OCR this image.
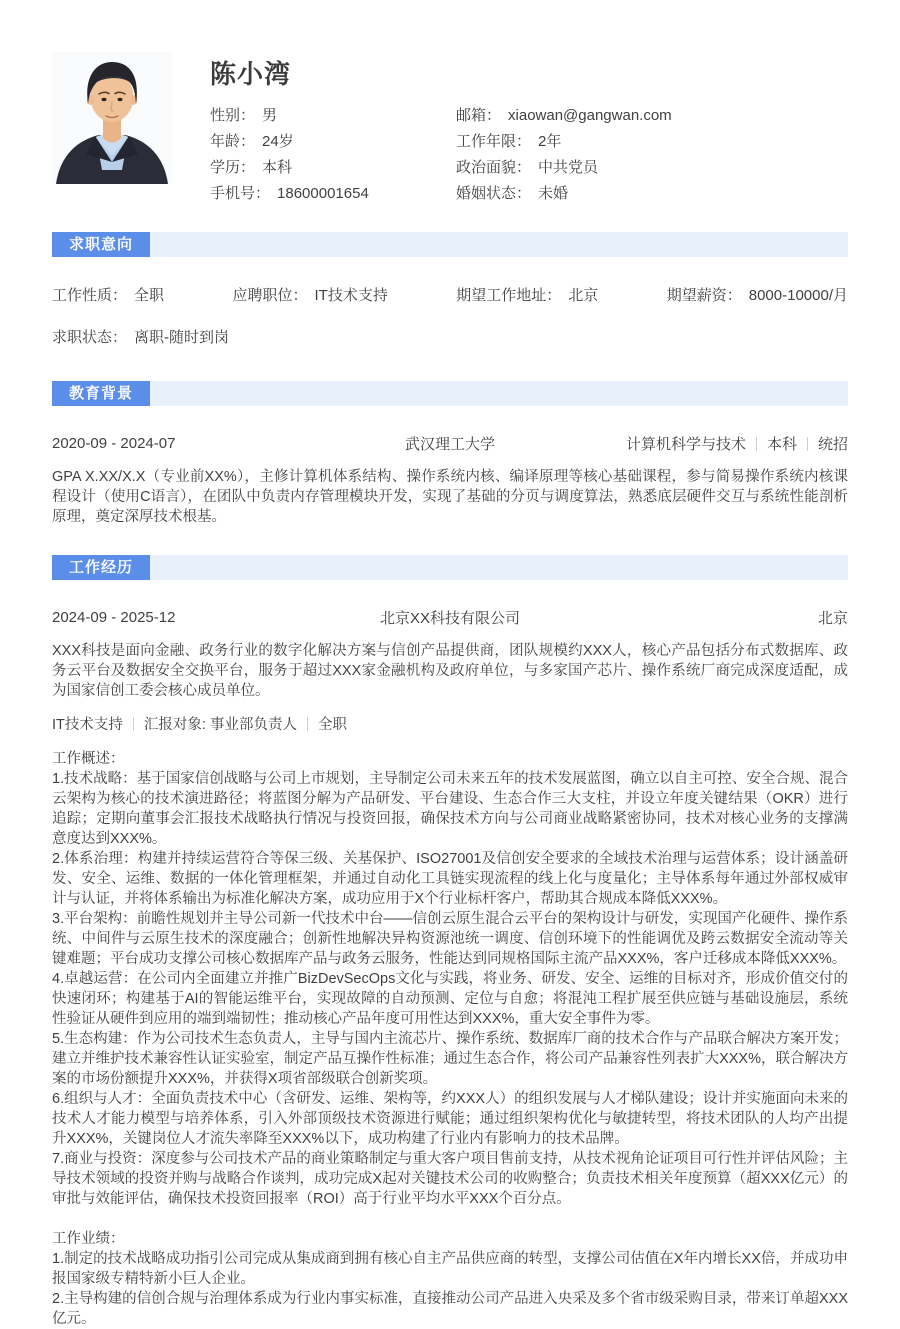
陈小湾
性别： 男	邮箱： xiaowan@gangwan.com
年龄： 24岁	工作年限： 2年
学历： 本科	政治面貌： 中共党员
手机号： 18600001654	婚姻状态： 未婚
求职意向
工作性质： 全职	应聘职位： IT技术支持	期望工作地址： 北京	期望薪资： 8000-10000/月
求职状态： 离职-随时到岗
教育背景
2020-09 - 2024-07	武汉理工大学	计算机科学与技术 本科 统招

GPA X.XX/X.X（专业前XX%），主修计算机体系结构、操作系统内核、编译原理等核心基础课程，参与简易操作系统内核课程设计（使用C语言），在团队中负责内存管理模块开发，实现了基础的分页与调度算法，熟悉底层硬件交互与系统性能剖析原理，奠定深厚技术根基。

工作经历
2024-09 - 2025-12	北京XX科技有限公司	北京

XXX科技是面向金融、政务行业的数字化解决方案与信创产品提供商，团队规模约XXX人，核心产品包括分布式数据库、政务云平台及数据安全交换平台，服务于超过XXX家金融机构及政府单位，与多家国产芯片、操作系统厂商完成深度适配，成为国家信创工委会核心成员单位。

IT技术支持 汇报对象: 事业部负责人 全职
工作概述：

1.技术战略：基于国家信创战略与公司上市规划，主导制定公司未来五年的技术发展蓝图，确立以自主可控、安全合规、混合云架构为核心的技术演进路径；将蓝图分解为产品研发、平台建设、生态合作三大支柱，并设立年度关键结果（OKR）进行追踪；定期向董事会汇报技术战略执行情况与投资回报，确保技术方向与公司商业战略紧密协同，技术对核心业务的支撑满意度达到XXX%。

2.体系治理：构建并持续运营符合等保三级、关基保护、ISO27001及信创安全要求的全域技术治理与运营体系；设计涵盖研发、安全、运维、数据的一体化管理框架，并通过自动化工具链实现流程的线上化与度量化；主导体系每年通过外部权威审计与认证，并将体系输出为标准化解决方案，成功应用于X个行业标杆客户，帮助其合规成本降低XXX%。

3.平台架构：前瞻性规划并主导公司新一代技术中台——信创云原生混合云平台的架构设计与研发，实现国产化硬件、操作系统、中间件与云原生技术的深度融合；创新性地解决异构资源池统一调度、信创环境下的性能调优及跨云数据安全流动等关键难题；平台成功支撑公司核心数据库产品与政务云服务，性能达到同规格国际主流产品XXX%，客户迁移成本降低XXX%。

4.卓越运营：在公司内全面建立并推广BizDevSecOps文化与实践，将业务、研发、安全、运维的目标对齐，形成价值交付的快速闭环；构建基于AI的智能运维平台，实现故障的自动预测、定位与自愈；将混沌工程扩展至供应链与基础设施层，系统性验证从硬件到应用的端到端韧性；推动核心产品年度可用性达到XXX%，重大安全事件为零。

5.生态构建：作为公司技术生态负责人，主导与国内主流芯片、操作系统、数据库厂商的技术合作与产品联合解决方案开发；建立并维护技术兼容性认证实验室，制定产品互操作性标准；通过生态合作，将公司产品兼容性列表扩大XXX%，联合解决方案的市场份额提升XXX%，并获得X项省部级联合创新奖项。

6.组织与人才：全面负责技术中心（含研发、运维、架构等，约XXX人）的组织发展与人才梯队建设；设计并实施面向未来的技术人才能力模型与培养体系，引入外部顶级技术资源进行赋能；通过组织架构优化与敏捷转型，将技术团队的人均产出提升XXX%，关键岗位人才流失率降至XXX%以下，成功构建了行业内有影响力的技术品牌。

7.商业与投资：深度参与公司技术产品的商业策略制定与重大客户项目售前支持，从技术视角论证项目可行性并评估风险；主导技术领域的投资并购与战略合作谈判，成功完成X起对关键技术公司的收购整合；负责技术相关年度预算（超XXX亿元）的审批与效能评估，确保技术投资回报率（ROI）高于行业平均水平XXX个百分点。

工作业绩：

1.制定的技术战略成功指引公司完成从集成商到拥有核心自主产品供应商的转型，支撑公司估值在X年内增长XX倍，并成功申报国家级专精特新小巨人企业。

2.主导构建的信创合规与治理体系成为行业内事实标准，直接推动公司产品进入央采及多个省市级采购目录，带来订单超XXX亿元。
